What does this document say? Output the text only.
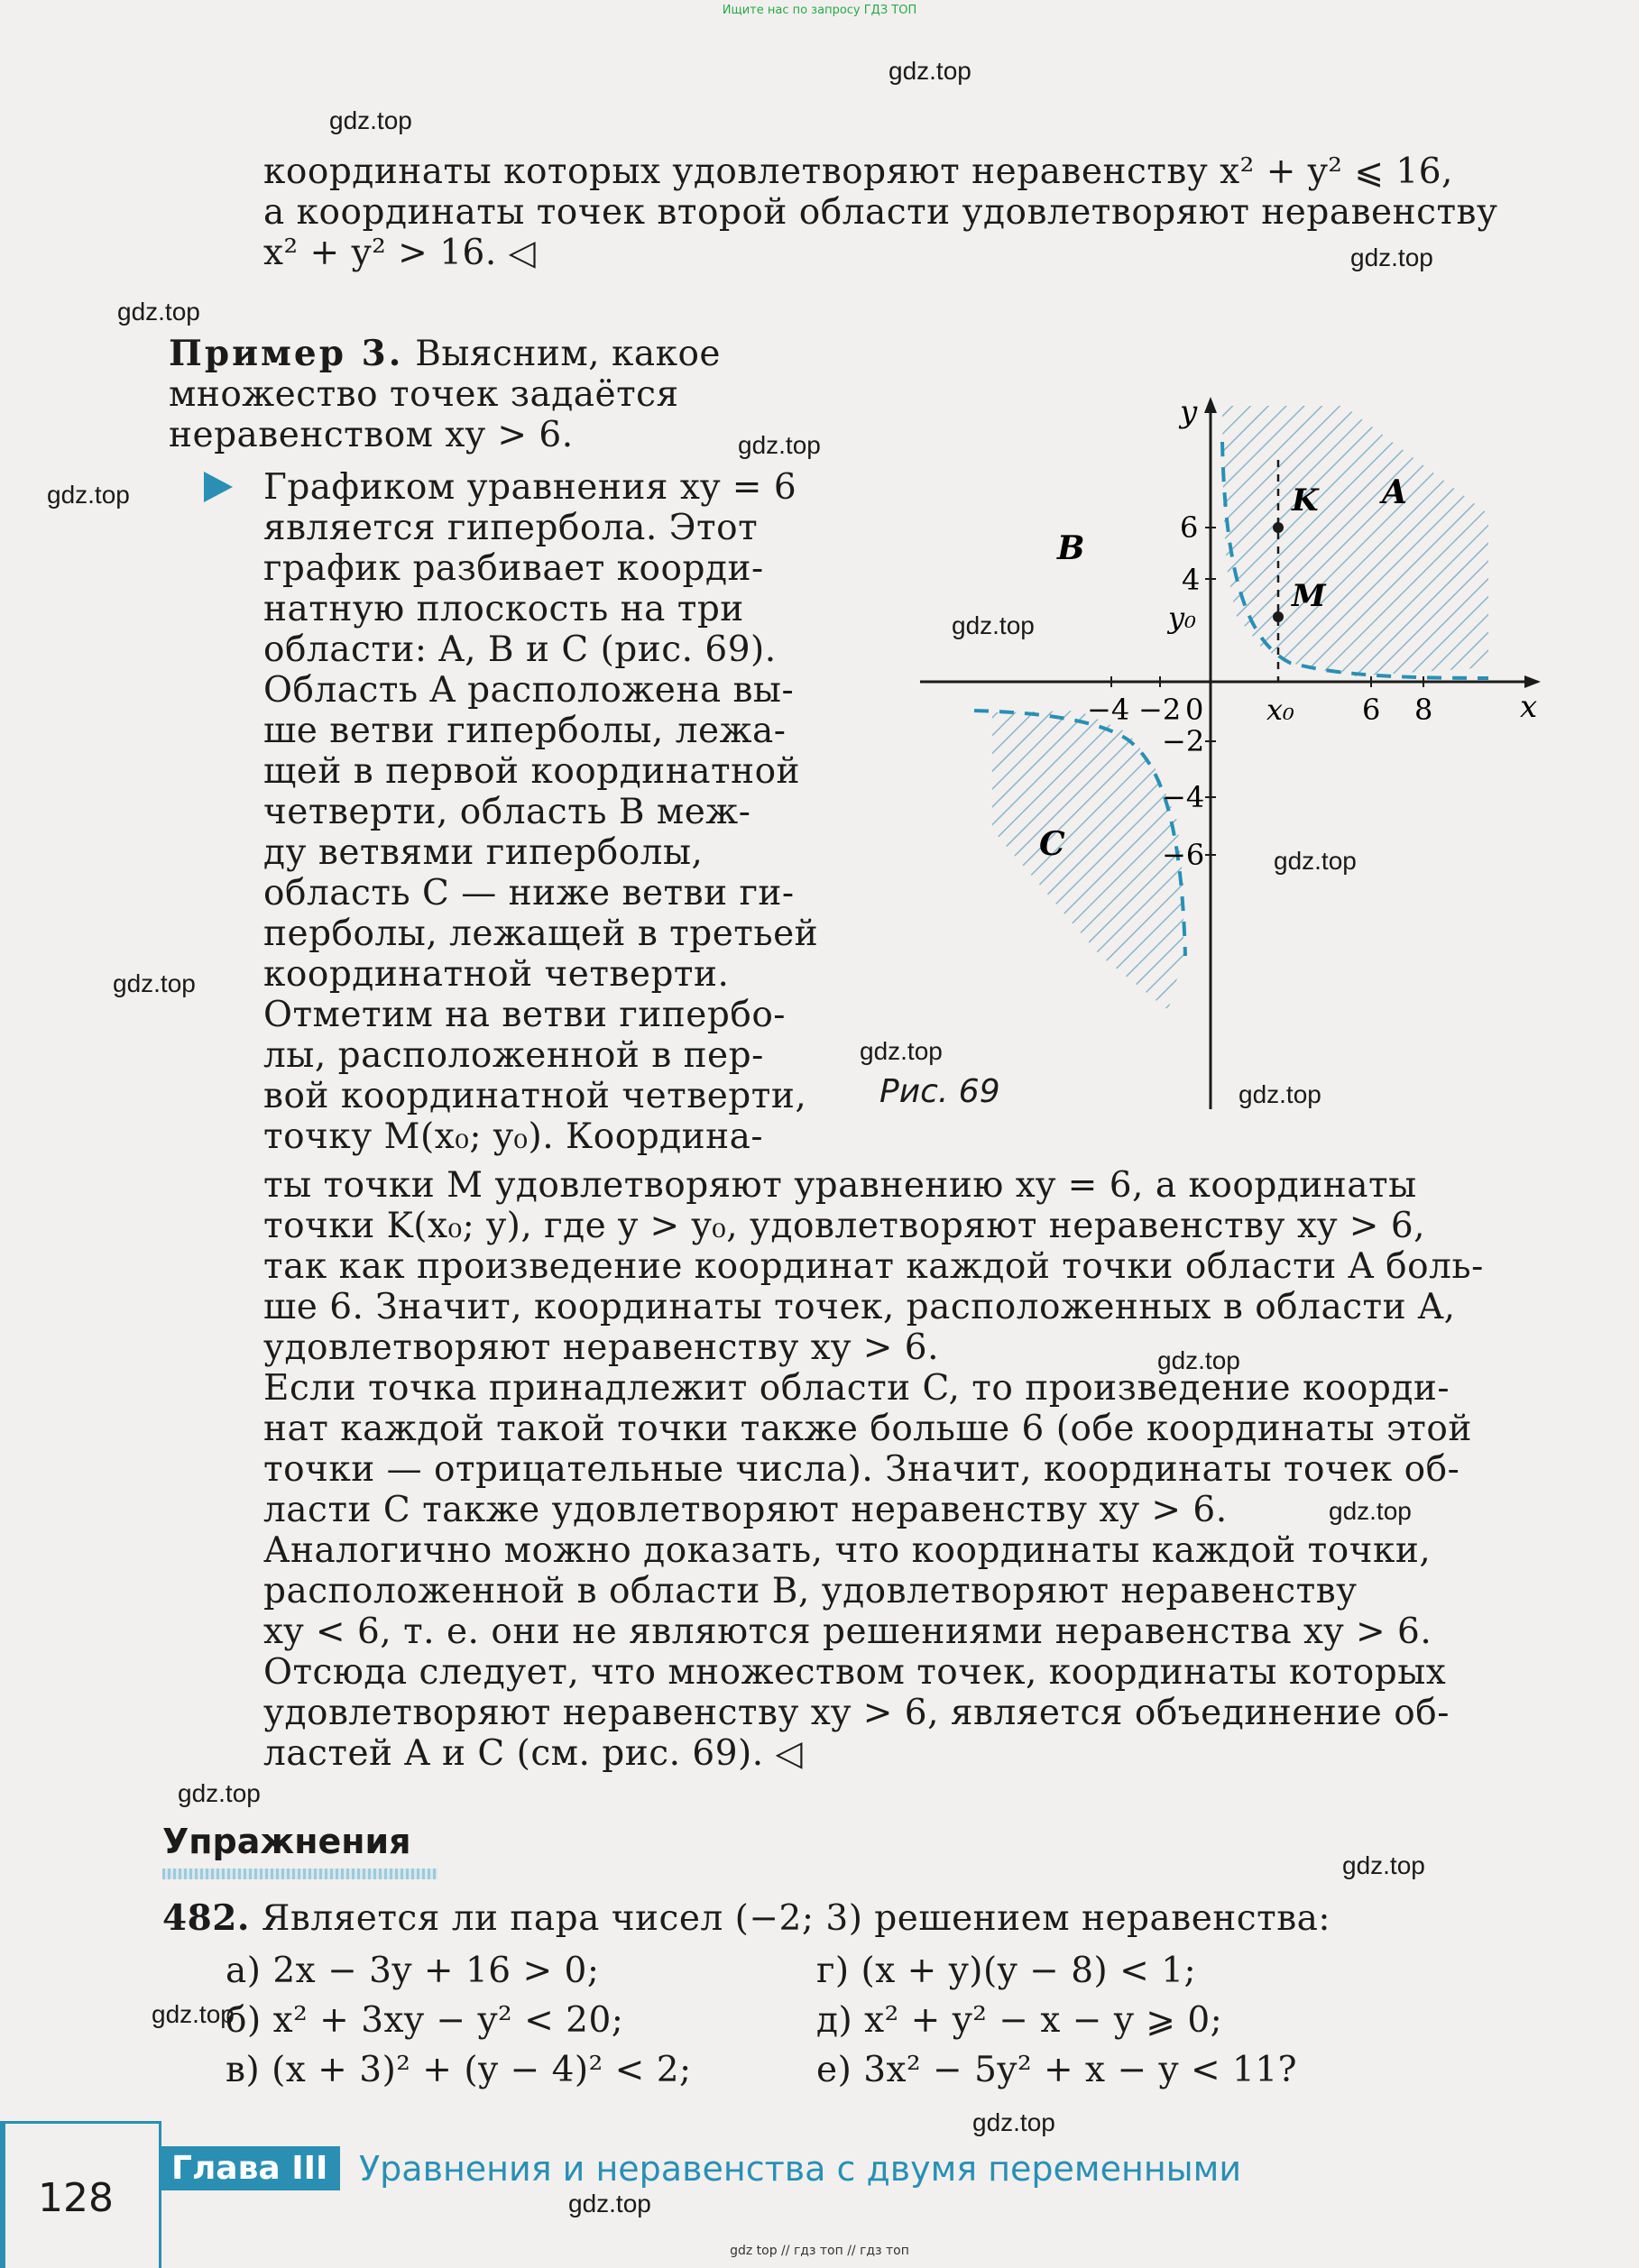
Ищите нас по запросу ГДЗ ТОП
координаты которых удовлетворяют неравенству x² + y² ⩽ 16,
а координаты точек второй области удовлетворяют неравенству
x² + y² > 16. ◁
Пример 3. Выясним, какое
множество точек задаётся
неравенством xy > 6.
Графиком уравнения xy = 6
является гипербола. Этот
график разбивает коорди-
натную плоскость на три
области: A, B и C (рис. 69).
Область A расположена вы-
ше ветви гиперболы, лежа-
щей в первой координатной
четверти, область B меж-
ду ветвями гиперболы,
область C — ниже ветви ги-
перболы, лежащей в третьей
координатной четверти.
Отметим на ветви гипербо-
лы, расположенной в пер-
вой координатной четверти,
точку M(x₀; y₀). Координа-
ты точки M удовлетворяют уравнению xy = 6, а координаты
точки K(x₀; y), где y > y₀, удовлетворяют неравенству xy > 6,
так как произведение координат каждой точки области A боль-
ше 6. Значит, координаты точек, расположенных в области A,
удовлетворяют неравенству xy > 6.
Если точка принадлежит области C, то произведение коорди-
нат каждой такой точки также больше 6 (обе координаты этой
точки — отрицательные числа). Значит, координаты точек об-
ласти C также удовлетворяют неравенству xy > 6.
Аналогично можно доказать, что координаты каждой точки,
расположенной в области B, удовлетворяют неравенству
xy < 6, т. е. они не являются решениями неравенства xy > 6.
Отсюда следует, что множеством точек, координаты которых
удовлетворяют неравенству xy > 6, является объединение об-
ластей A и C (см. рис. 69). ◁
x
y
−4 −2 0 x₀ 6 8
6
4
y₀
−2
−4
−6
A
B
C
K
M
Рис. 69
Упражнения
482. Является ли пара чисел (−2; 3) решением неравенства:
а) 2x − 3y + 16 > 0;
б) x² + 3xy − y² < 20;
в) (x + 3)² + (y − 4)² < 2;
г) (x + y)(y − 8) < 1;
д) x² + y² − x − y ⩾ 0;
е) 3x² − 5y² + x − y < 11?
128
Глава III Уравнения и неравенства с двумя переменными
gdz top // гдз топ // гдз топ
gdz.top
gdz.top
gdz.top
gdz.top
gdz.top
gdz.top
gdz.top
gdz.top
gdz.top
gdz.top
gdz.top
gdz.top
gdz.top
gdz.top
gdz.top
gdz.top
gdz.top
gdz.top
